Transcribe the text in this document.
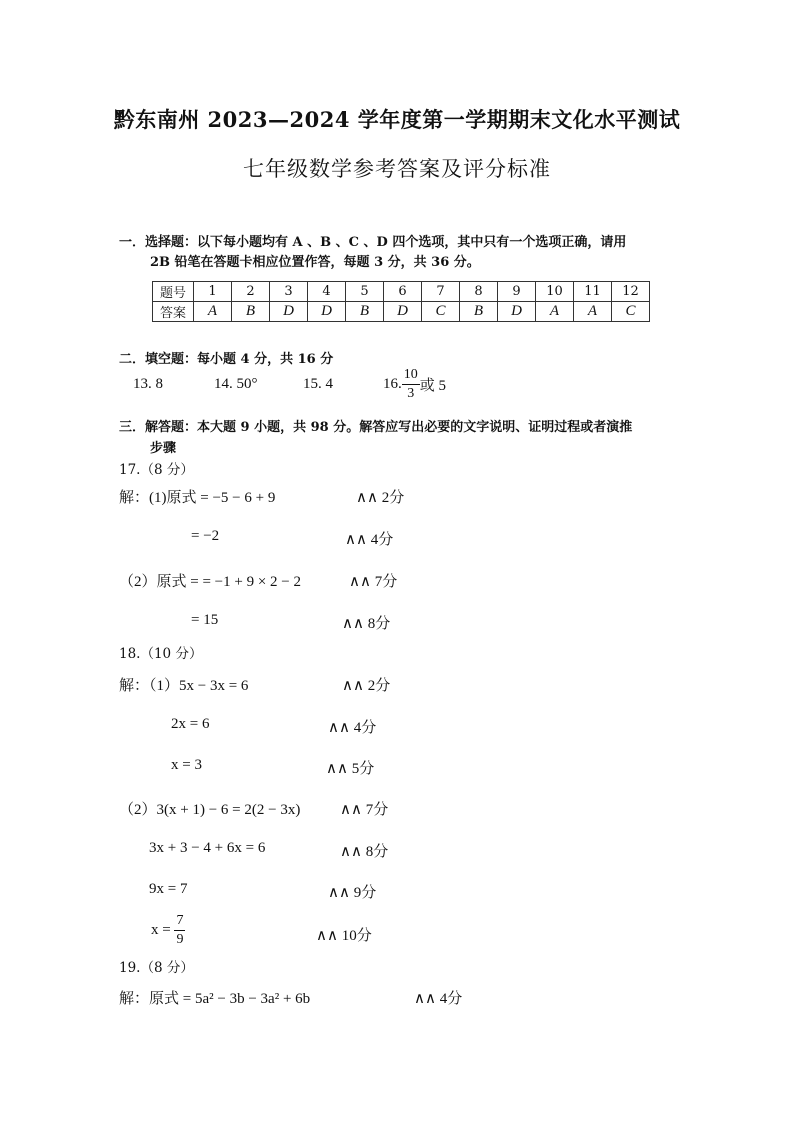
黔东南州 2023—2024 学年度第一学期期末文化水平测试
七年级数学参考答案及评分标准
一．选择题：以下每小题均有 A 、B 、C 、D 四个选项，其中只有一个选项正确，请用
2B 铅笔在答题卡相应位置作答，每题 3 分，共 36 分。
题号	1	2	3	4	5	6	7	8	9	10	11	12
答案	A	B	D	D	B	D	C	B	D	A	A	C
二．填空题：每小题 4 分，共 16 分
13. 8	14. 50°	15. 4	16. $\frac{10}{3}$ 或 5
三．解答题：本大题 9 小题，共 98 分。解答应写出必要的文字说明、证明过程或者演推
步骤
17.（8 分）
解：(1)原式 = −5 − 6 + 9	∧∧ 2分
= −2	∧∧ 4分
（2）原式 = = −1 + 9 × 2 − 2	∧∧ 7分
= 15	∧∧ 8分
18.（10 分）
解：（1）5x − 3x = 6	∧∧ 2分
2x = 6	∧∧ 4分
x = 3	∧∧ 5分
（2）3(x + 1) − 6 = 2(2 − 3x)	∧∧ 7分
3x + 3 − 4 + 6x = 6	∧∧ 8分
9x = 7	∧∧ 9分
$x = \frac{7}{9}$	∧∧ 10分
19.（8 分）
解：原式 = 5a² − 3b − 3a² + 6b	∧∧ 4分
